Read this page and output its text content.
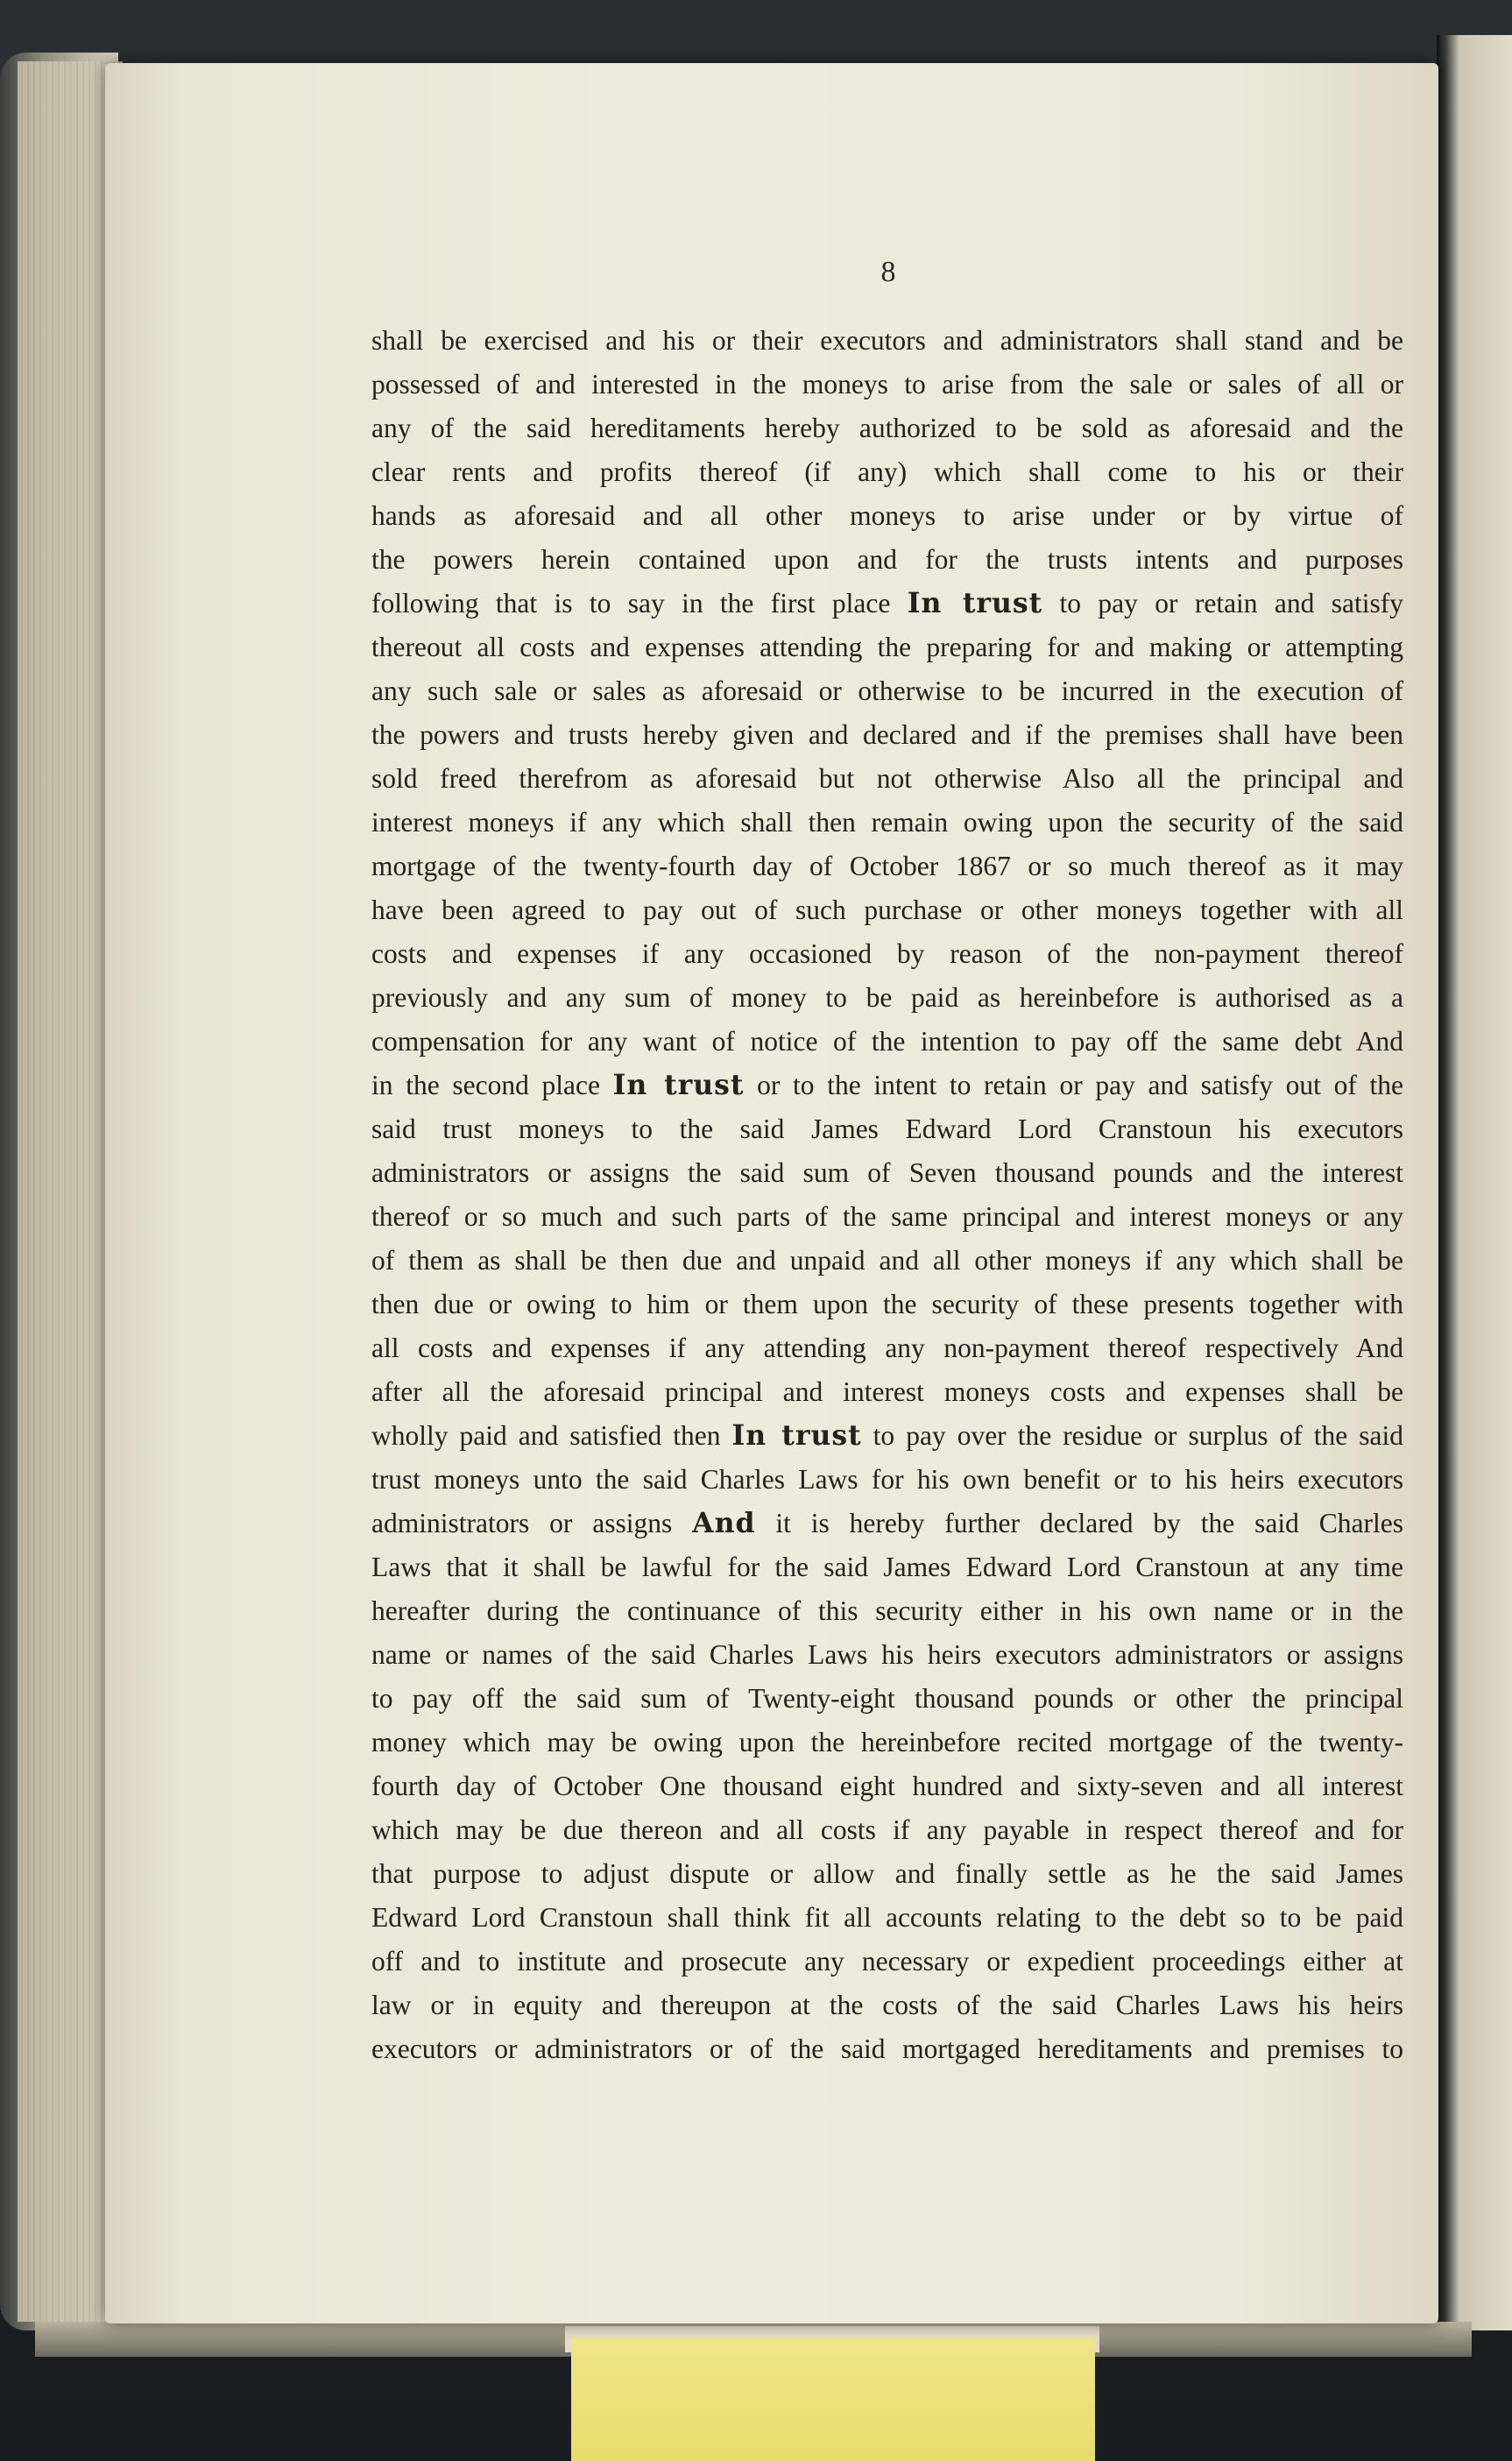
8
shall be exercised and his or their executors and administrators shall stand and be
possessed of and interested in the moneys to arise from the sale or sales of all or
any of the said hereditaments hereby authorized to be sold as aforesaid and the
clear rents and profits thereof (if any) which shall come to his or their
hands as aforesaid and all other moneys to arise under or by virtue of
the powers herein contained upon and for the trusts intents and purposes
following that is to say in the first place In trust to pay or retain and satisfy
thereout all costs and expenses attending the preparing for and making or attempting
any such sale or sales as aforesaid or otherwise to be incurred in the execution of
the powers and trusts hereby given and declared and if the premises shall have been
sold freed therefrom as aforesaid but not otherwise Also all the principal and
interest moneys if any which shall then remain owing upon the security of the said
mortgage of the twenty-fourth day of October 1867 or so much thereof as it may
have been agreed to pay out of such purchase or other moneys together with all
costs and expenses if any occasioned by reason of the non-payment thereof
previously and any sum of money to be paid as hereinbefore is authorised as a
compensation for any want of notice of the intention to pay off the same debt And
in the second place In trust or to the intent to retain or pay and satisfy out of the
said trust moneys to the said James Edward Lord Cranstoun his executors
administrators or assigns the said sum of Seven thousand pounds and the interest
thereof or so much and such parts of the same principal and interest moneys or any
of them as shall be then due and unpaid and all other moneys if any which shall be
then due or owing to him or them upon the security of these presents together with
all costs and expenses if any attending any non-payment thereof respectively And
after all the aforesaid principal and interest moneys costs and expenses shall be
wholly paid and satisfied then In trust to pay over the residue or surplus of the said
trust moneys unto the said Charles Laws for his own benefit or to his heirs executors
administrators or assigns And it is hereby further declared by the said Charles
Laws that it shall be lawful for the said James Edward Lord Cranstoun at any time
hereafter during the continuance of this security either in his own name or in the
name or names of the said Charles Laws his heirs executors administrators or assigns
to pay off the said sum of Twenty-eight thousand pounds or other the principal
money which may be owing upon the hereinbefore recited mortgage of the twenty-
fourth day of October One thousand eight hundred and sixty-seven and all interest
which may be due thereon and all costs if any payable in respect thereof and for
that purpose to adjust dispute or allow and finally settle as he the said James
Edward Lord Cranstoun shall think fit all accounts relating to the debt so to be paid
off and to institute and prosecute any necessary or expedient proceedings either at
law or in equity and thereupon at the costs of the said Charles Laws his heirs
executors or administrators or of the said mortgaged hereditaments and premises to
